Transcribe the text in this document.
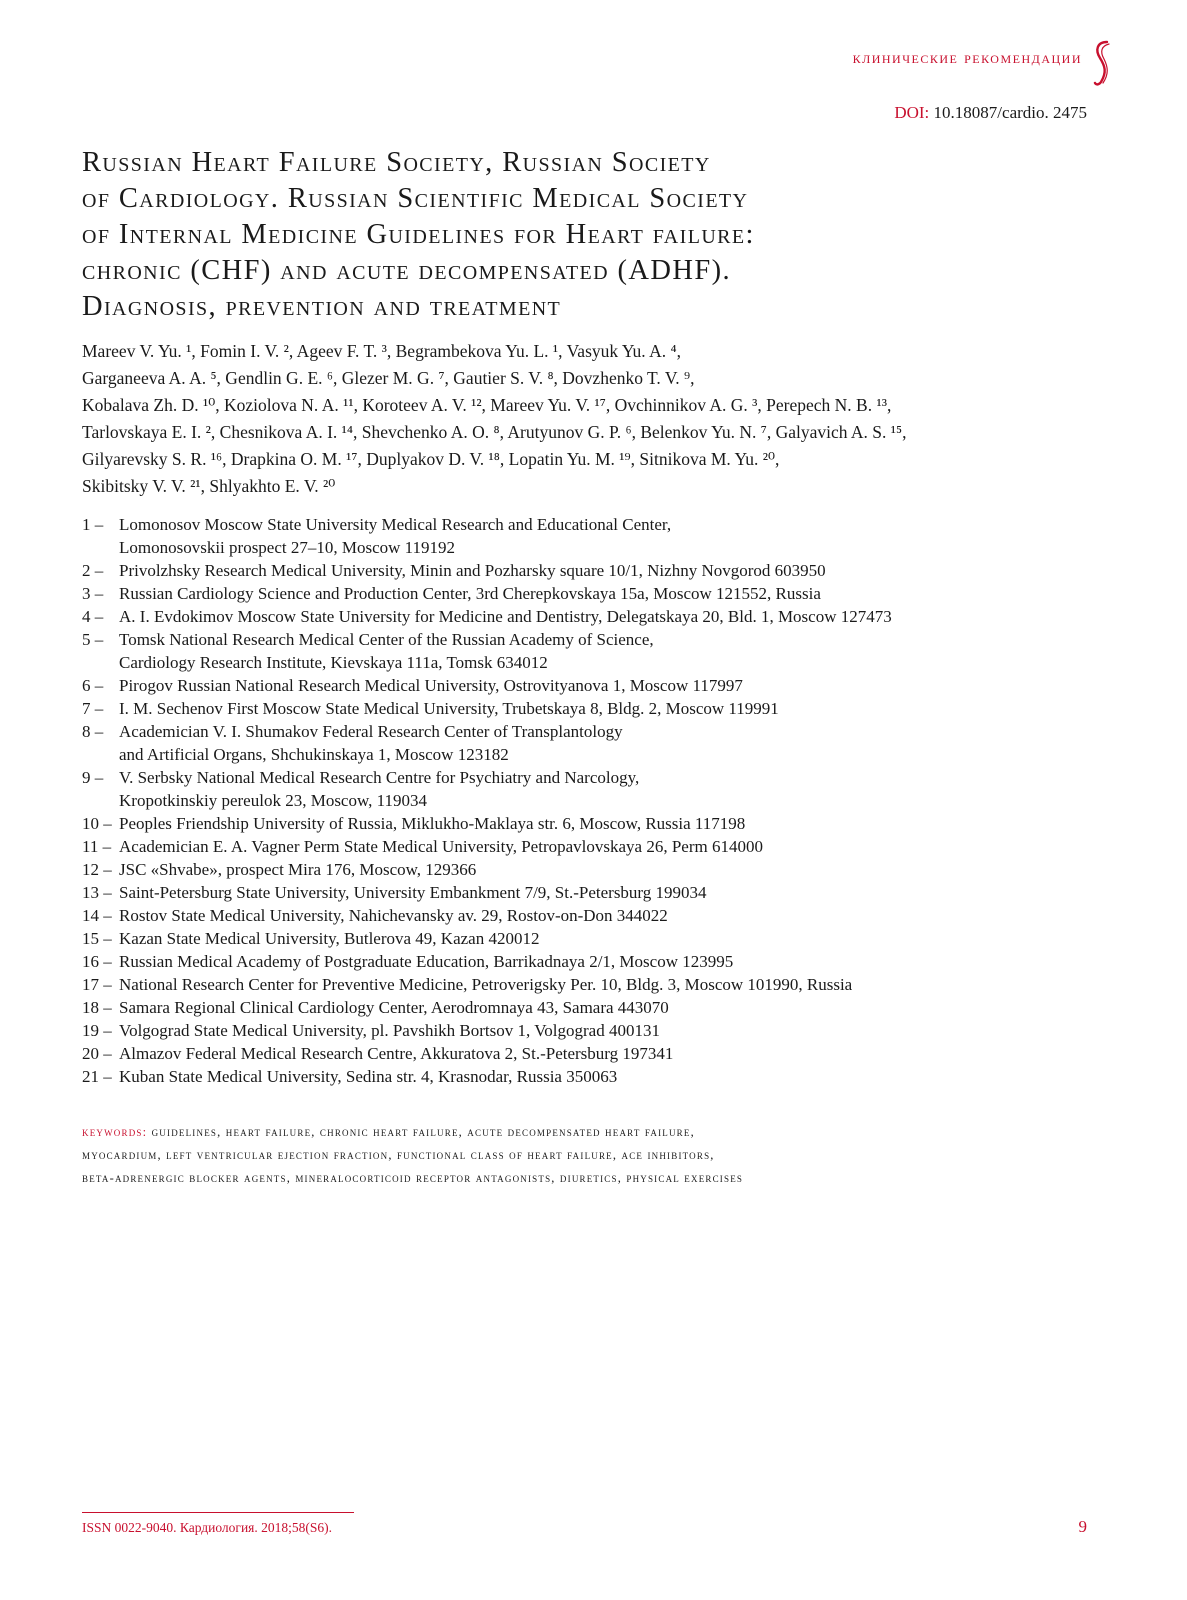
клинические рекомендации
DOI: 10.18087/cardio. 2475
Russian Heart Failure Society, Russian Society
of Cardiology. Russian Scientific Medical Society
of Internal Medicine Guidelines for Heart failure:
chronic (CHF) and acute decompensated (ADHF).
Diagnosis, prevention and treatment
Mareev V. Yu. ¹, Fomin I. V. ², Ageev F. T. ³, Begrambekova Yu. L. ¹, Vasyuk Yu. A. ⁴,
Garganeeva A. A. ⁵, Gendlin G. E. ⁶, Glezer M. G. ⁷, Gautier S. V. ⁸, Dovzhenko T. V. ⁹,
Kobalava Zh. D. ¹⁰, Koziolova N. A. ¹¹, Koroteev A. V. ¹², Mareev Yu. V. ¹⁷, Ovchinnikov A. G. ³, Perepech N. B. ¹³,
Tarlovskaya E. I. ², Chesnikova A. I. ¹⁴, Shevchenko A. O. ⁸, Arutyunov G. P. ⁶, Belenkov Yu. N. ⁷, Galyavich A. S. ¹⁵,
Gilyarevsky S. R. ¹⁶, Drapkina O. M. ¹⁷, Duplyakov D. V. ¹⁸, Lopatin Yu. M. ¹⁹, Sitnikova M. Yu. ²⁰,
Skibitsky V. V. ²¹, Shlyakhto E. V. ²⁰
1 – Lomonosov Moscow State University Medical Research and Educational Center,
Lomonosovskii prospect 27–10, Moscow 119192
2 – Privolzhsky Research Medical University, Minin and Pozharsky square 10/1, Nizhny Novgorod 603950
3 – Russian Cardiology Science and Production Center, 3rd Cherepkovskaya 15a, Moscow 121552, Russia
4 – A. I. Evdokimov Moscow State University for Medicine and Dentistry, Delegatskaya 20, Bld. 1, Moscow 127473
5 – Tomsk National Research Medical Center of the Russian Academy of Science,
Cardiology Research Institute, Kievskaya 111a, Tomsk 634012
6 – Pirogov Russian National Research Medical University, Ostrovityanova 1, Moscow 117997
7 – I. M. Sechenov First Moscow State Medical University, Trubetskaya 8, Bldg. 2, Moscow 119991
8 – Academician V. I. Shumakov Federal Research Center of Transplantology
and Artificial Organs, Shchukinskaya 1, Moscow 123182
9 – V. Serbsky National Medical Research Centre for Psychiatry and Narcology,
Kropotkinskiy pereulok 23, Moscow, 119034
10 – Peoples Friendship University of Russia, Miklukho-Maklaya str. 6, Moscow, Russia 117198
11 – Academician E. A. Vagner Perm State Medical University, Petropavlovskaya 26, Perm 614000
12 – JSC «Shvabe», prospect Mira 176, Moscow, 129366
13 – Saint-Petersburg State University, University Embankment 7/9, St.-Petersburg 199034
14 – Rostov State Medical University, Nahichevansky av. 29, Rostov-on-Don 344022
15 – Kazan State Medical University, Butlerova 49, Kazan 420012
16 – Russian Medical Academy of Postgraduate Education, Barrikadnaya 2/1, Moscow 123995
17 – National Research Center for Preventive Medicine, Petroverigsky Per. 10, Bldg. 3, Moscow 101990, Russia
18 – Samara Regional Clinical Cardiology Center, Aerodromnaya 43, Samara 443070
19 – Volgograd State Medical University, pl. Pavshikh Bortsov 1, Volgograd 400131
20 – Almazov Federal Medical Research Centre, Akkuratova 2, St.-Petersburg 197341
21 – Kuban State Medical University, Sedina str. 4, Krasnodar, Russia 350063
keywords: guidelines, heart failure, chronic heart failure, acute decompensated heart failure,
myocardium, left ventricular ejection fraction, functional class of heart failure, ace inhibitors,
beta-adrenergic blocker agents, mineralocorticoid receptor antagonists, diuretics, physical exercises
ISSN 0022-9040. Кардиология. 2018;58(S6).	9
